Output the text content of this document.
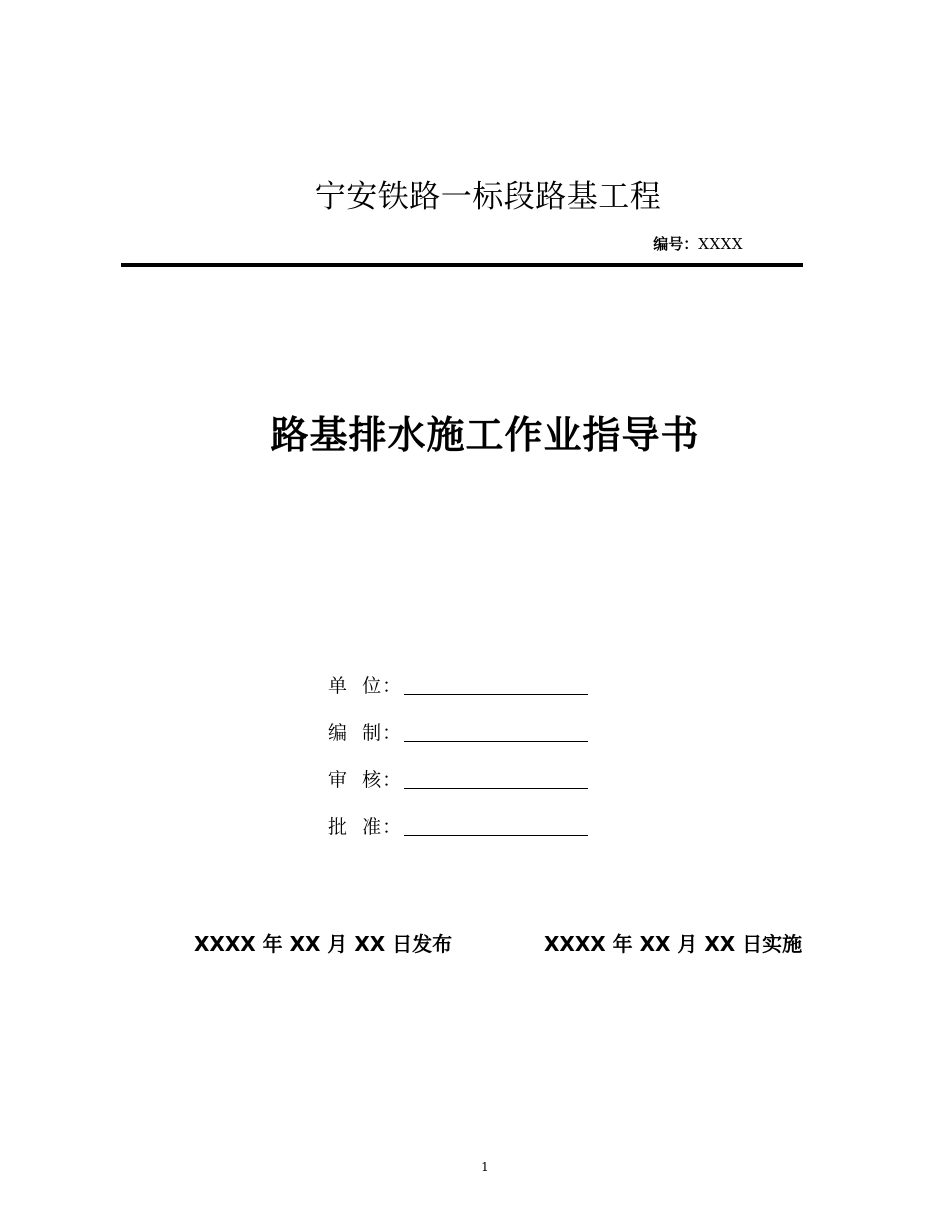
宁安铁路一标段路基工程
编号：XXXX
路基排水施工作业指导书
单  位：
编  制：
审  核：
批  准：
XXXX 年 XX 月 XX 日发布	XXXX 年 XX 月 XX 日实施
1
